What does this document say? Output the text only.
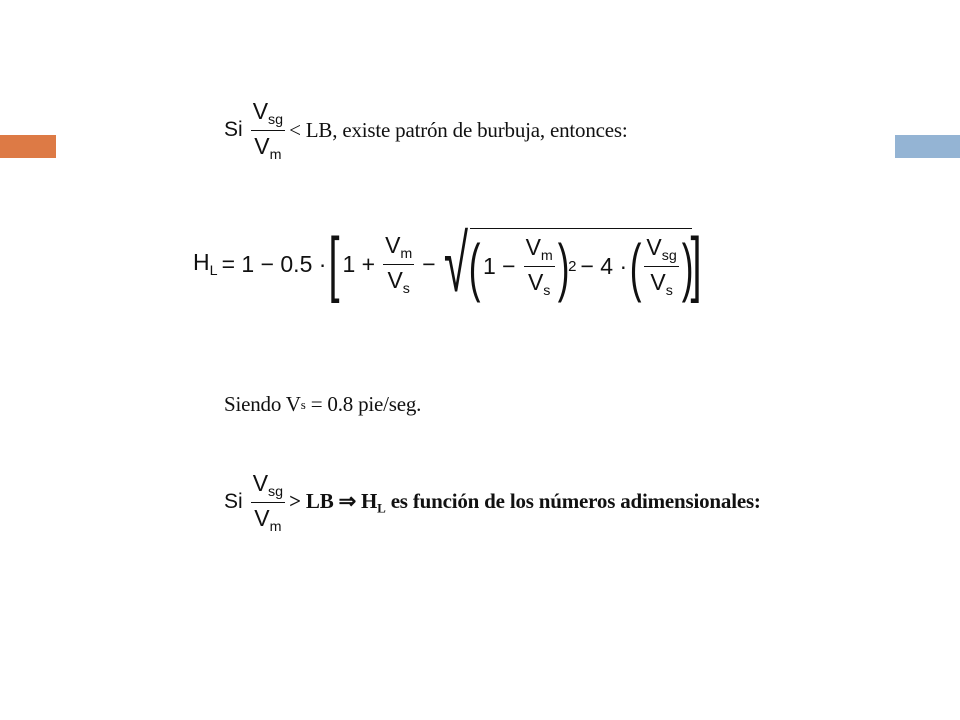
Si $\frac{V_{sg}}{V_m}$ < LB, existe patrón de burbuja, entonces:
$H_L = 1 - 0.5$ · [ $1 + \frac{V_m}{V_s}$ − √ ( $1 - \frac{V_m}{V_s}$ )
2 − 4 · ( $\frac{V_{sg}}{V_s}$ )
]
Siendo V s = 0.8 pie/seg.
Si $\frac{V_{sg}}{V_m}$ > LB ⇒ $H_L$ es función de los números adimensionales:
